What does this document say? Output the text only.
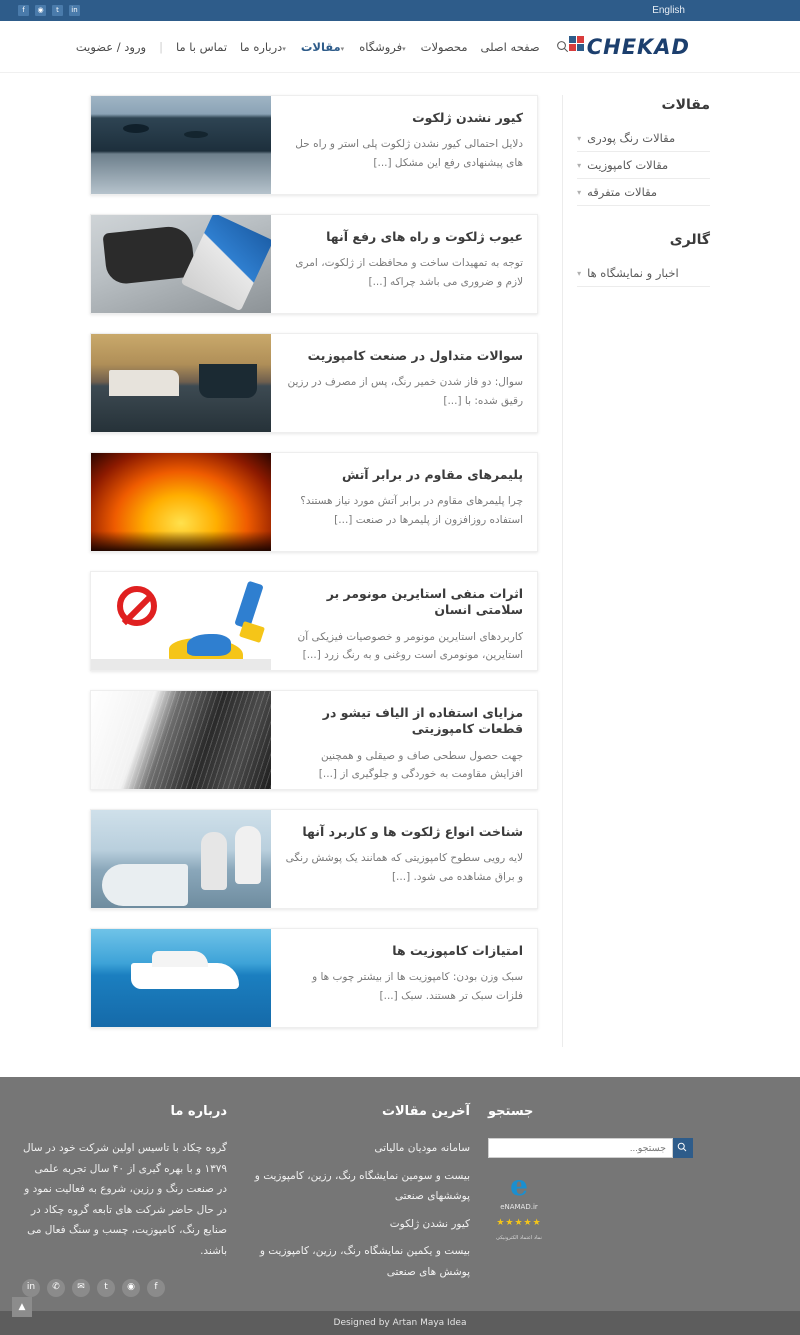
English
in
t
◉
f
CHEKAD
صفحه اصلی
محصولات
▾فروشگاه
▾مقالات
▾درباره ما
تماس با ما
|
ورود / عضویت
کیور نشدن ژلکوت
دلایل احتمالی کیور نشدن ژلکوت پلی استر و راه حل های پیشنهادی رفع این مشکل [...]
عیوب ژلکوت و راه های رفع آنها
توجه به تمهیدات ساخت و محافظت از ژلکوت، امری لازم و ضروری می باشد چراکه [...]
سوالات متداول در صنعت کامپوزیت
سوال: دو فاز شدن خمیر رنگ، پس از مصرف در رزین رقیق شده: با [...]
پلیمرهای مقاوم در برابر آتش
چرا پلیمرهای مقاوم در برابر آتش مورد نیاز هستند؟ استفاده روزافزون از پلیمرها در صنعت [...]
اثرات منفی استایرین مونومر بر سلامتی انسان
کاربردهای استایرین مونومر و خصوصیات فیزیکی آن استایرین، مونومری است روغنی و به رنگ زرد [...]
مزایای استفاده از الیاف تیشو در قطعات کامپوزیتی
جهت حصول سطحی صاف و صیقلی و همچنین افزایش مقاومت به خوردگی و جلوگیری از [...]
شناخت انواع ژلکوت ها و کاربرد آنها
لایه رویی سطوح کامپوزیتی که همانند یک پوشش رنگی و براق مشاهده می شود. [...]
امتیازات کامپوزیت ها
سبک وزن بودن: کامپوزیت ها از بیشتر چوب ها و فلزات سبک تر هستند. سبک [...]
مقالات
مقالات رنگ پودری
▾
مقالات کامپوزیت
▾
مقالات متفرقه
▾
گالری
اخبار و نمایشگاه ها
▾
درباره ما
گروه چکاد با تاسیس اولین شرکت خود در سال ۱۳۷۹ و با بهره گیری از ۴۰ سال تجربه علمی در صنعت رنگ و رزین، شروع به فعالیت نمود و در حال حاضر شرکت های تابعه گروه چکاد در صنایع رنگ، کامپوزیت، چسب و سنگ فعال می باشند.
in	✆	✉	t	◉	f
آخرین مقالات
سامانه مودیان مالیاتی
بیست و سومین نمایشگاه رنگ، رزین، کامپوزیت و پوششهای صنعتی
کیور نشدن ژلکوت
بیست و یکمین نمایشگاه رنگ، رزین، کامپوزیت و پوشش های صنعتی
جستجو
جستجو...
e
eNAMAD.ir
★★★★★
نماد اعتماد الکترونیکی
Designed by Artan Maya Idea
▲
